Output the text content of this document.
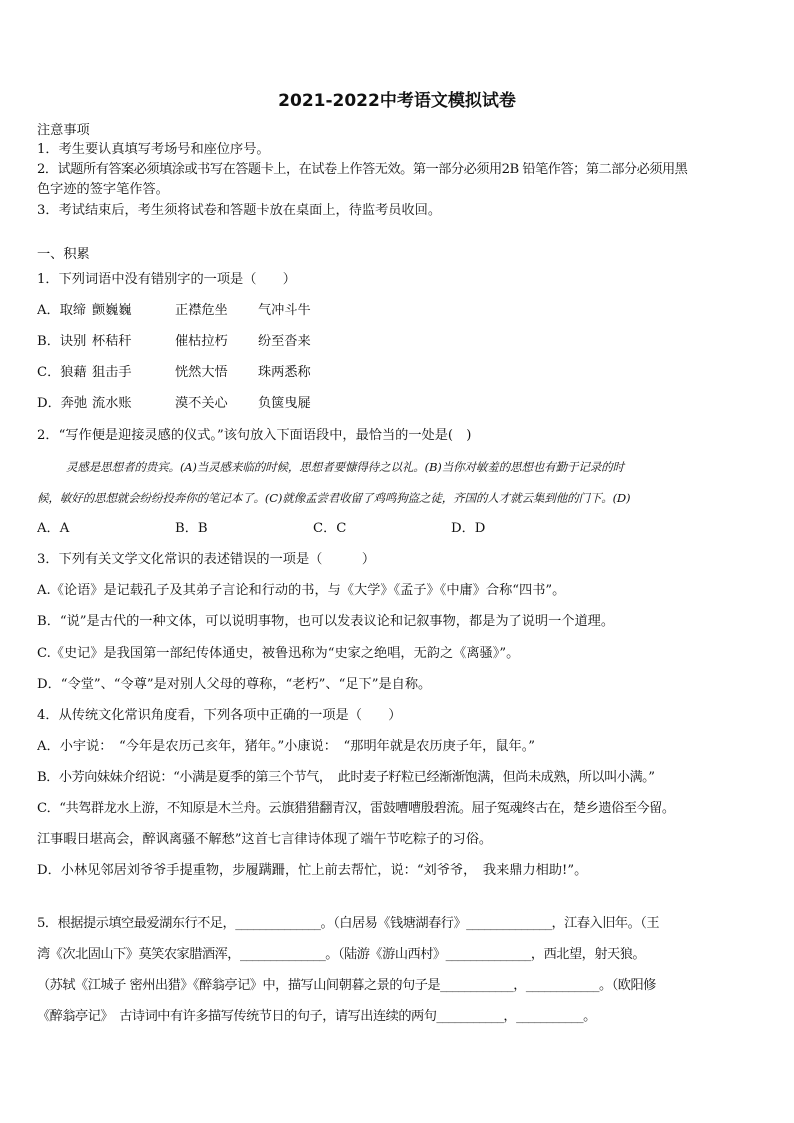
2021-2022中考语文模拟试卷
注意事项
1．考生要认真填写考场号和座位序号。
2．试题所有答案必须填涂或书写在答题卡上，在试卷上作答无效。第一部分必须用2B 铅笔作答；第二部分必须用黑
色字迹的签字笔作答。
3．考试结束后，考生须将试卷和答题卡放在桌面上，待监考员收回。
一、积累
1．下列词语中没有错别字的一项是（　　）
A．取缔 颤巍巍	正襟危坐 气冲斗牛
B．诀别 杯秸秆	催枯拉朽 纷至沓来
C．狼藉 狙击手	恍然大悟 珠两悉称
D．奔弛 流水账	漠不关心 负箧曳屣
2．“写作便是迎接灵感的仪式。”该句放入下面语段中，最恰当的一处是(　)
灵感是思想者的贵宾。(A)当灵感来临的时候，思想者要慷得待之以礼。(B)当你对敏羞的思想也有勤于记录的时
候，敏好的思想就会纷纷投奔你的笔记本了。(C)就像孟尝君收留了鸡鸣狗盗之徒，齐国的人才就云集到他的门下。(D)
A．A	B．B	C．C	D．D
3．下列有关文学文化常识的表述错误的一项是（　　　）
A.《论语》是记载孔子及其弟子言论和行动的书，与《大学》《孟子》《中庸》合称“四书”。
B．“说”是古代的一种文体，可以说明事物，也可以发表议论和记叙事物，都是为了说明一个道理。
C.《史记》是我国第一部纪传体通史，被鲁迅称为“史家之绝唱，无韵之《离骚》”。
D．“令堂”、“令尊”是对别人父母的尊称，“老朽”、“足下”是自称。
4．从传统文化常识角度看，下列各项中正确的一项是（　　）
A．小宇说：　“今年是农历己亥年，猪年。”小康说：　“那明年就是农历庚子年，鼠年。”
B．小芳向妹妹介绍说：“小满是夏季的第三个节气，　此时麦子籽粒已经渐渐饱满，但尚未成熟，所以叫小满。”
C．“共驾群龙水上游，不知原是木兰舟。云旗猎猎翻青汉，雷鼓嘈嘈殷碧流。屈子冤魂终古在，楚乡遗俗至今留。
江事暇日堪高会，醉讽离骚不解愁”这首七言律诗体现了端午节吃粽子的习俗。
D．小林见邻居刘爷爷手提重物，步履蹒跚，忙上前去帮忙，说：“刘爷爷，　我来鼎力相助!”。
5．根据提示填空最爱湖东行不足，______________。（白居易《钱塘湖春行》______________，江春入旧年。（王
湾《次北固山下》莫笑农家腊酒浑，______________。（陆游《游山西村》______________，西北望，射天狼。
（苏轼《江城子 密州出猎》《醉翁亭记》中，描写山间朝暮之景的句子是____________，____________。（欧阳修
《醉翁亭记》　古诗词中有许多描写传统节日的句子，请写出连续的两句___________，___________。
